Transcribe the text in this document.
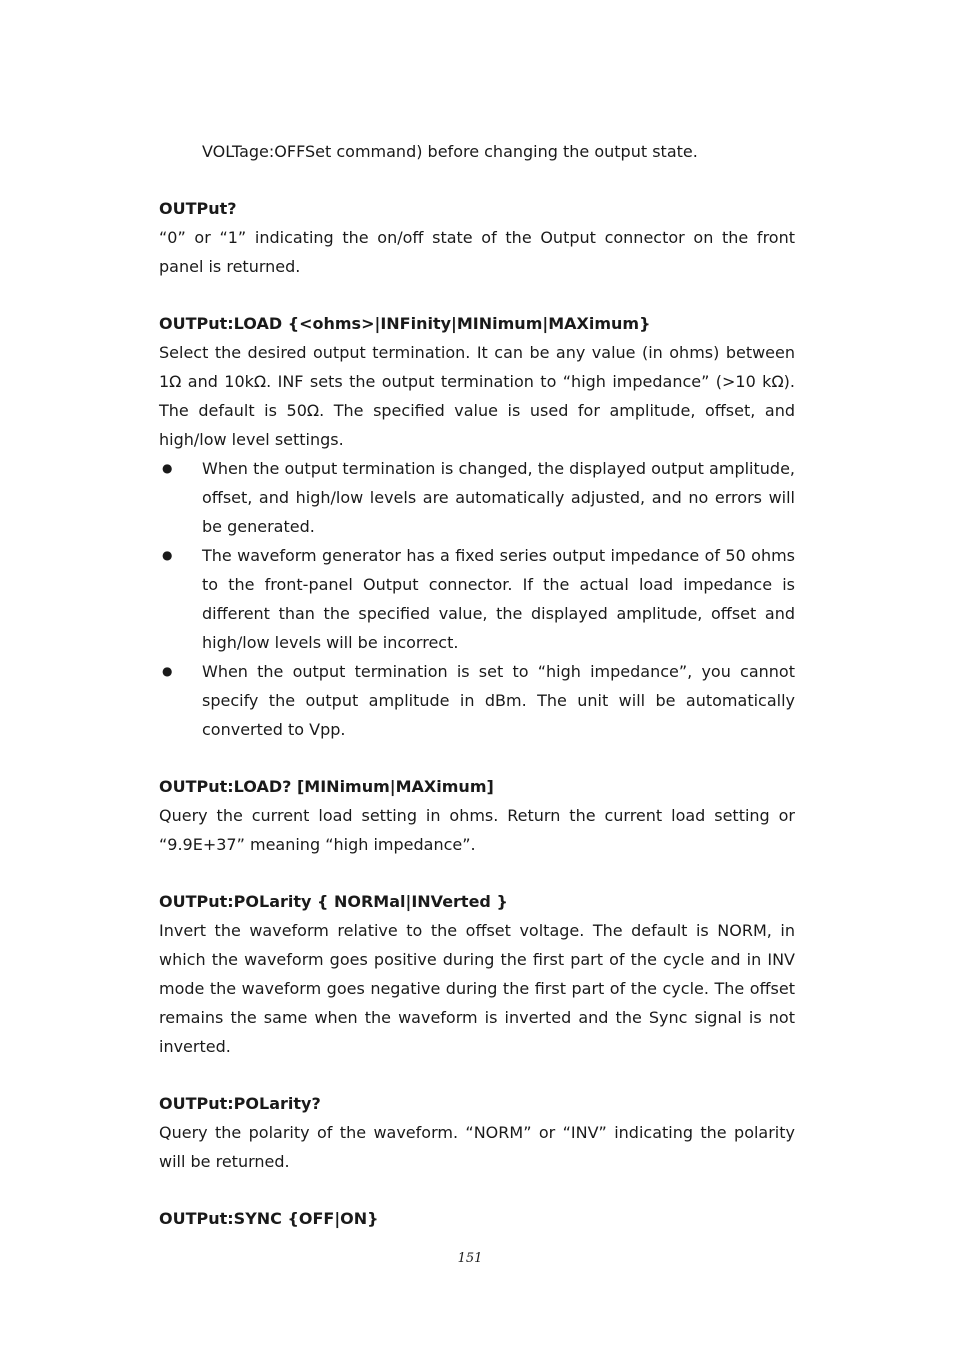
VOLTage:OFFSet command) before changing the output state.

OUTPut?

“0” or “1” indicating the on/off state of the Output connector on the front panel is returned.

OUTPut:LOAD {<ohms>|INFinity|MINimum|MAXimum}

Select the desired output termination. It can be any value (in ohms) between 1Ω and 10kΩ. INF sets the output termination to “high impedance” (>10 kΩ). The default is 50Ω. The specified value is used for amplitude, offset, and high/low level settings.

● When the output termination is changed, the displayed output amplitude, offset, and high/low levels are automatically adjusted, and no errors will be generated.
● The waveform generator has a fixed series output impedance of 50 ohms to the front-panel Output connector. If the actual load impedance is different than the specified value, the displayed amplitude, offset and high/low levels will be incorrect.
● When the output termination is set to “high impedance”, you cannot specify the output amplitude in dBm. The unit will be automatically converted to Vpp.

OUTPut:LOAD? [MINimum|MAXimum]

Query the current load setting in ohms. Return the current load setting or “9.9E+37” meaning “high impedance”.

OUTPut:POLarity { NORMal|INVerted }

Invert the waveform relative to the offset voltage. The default is NORM, in which the waveform goes positive during the first part of the cycle and in INV mode the waveform goes negative during the first part of the cycle. The offset remains the same when the waveform is inverted and the Sync signal is not inverted.

OUTPut:POLarity?

Query the polarity of the waveform. “NORM” or “INV” indicating the polarity will be returned.

OUTPut:SYNC {OFF|ON}

151
